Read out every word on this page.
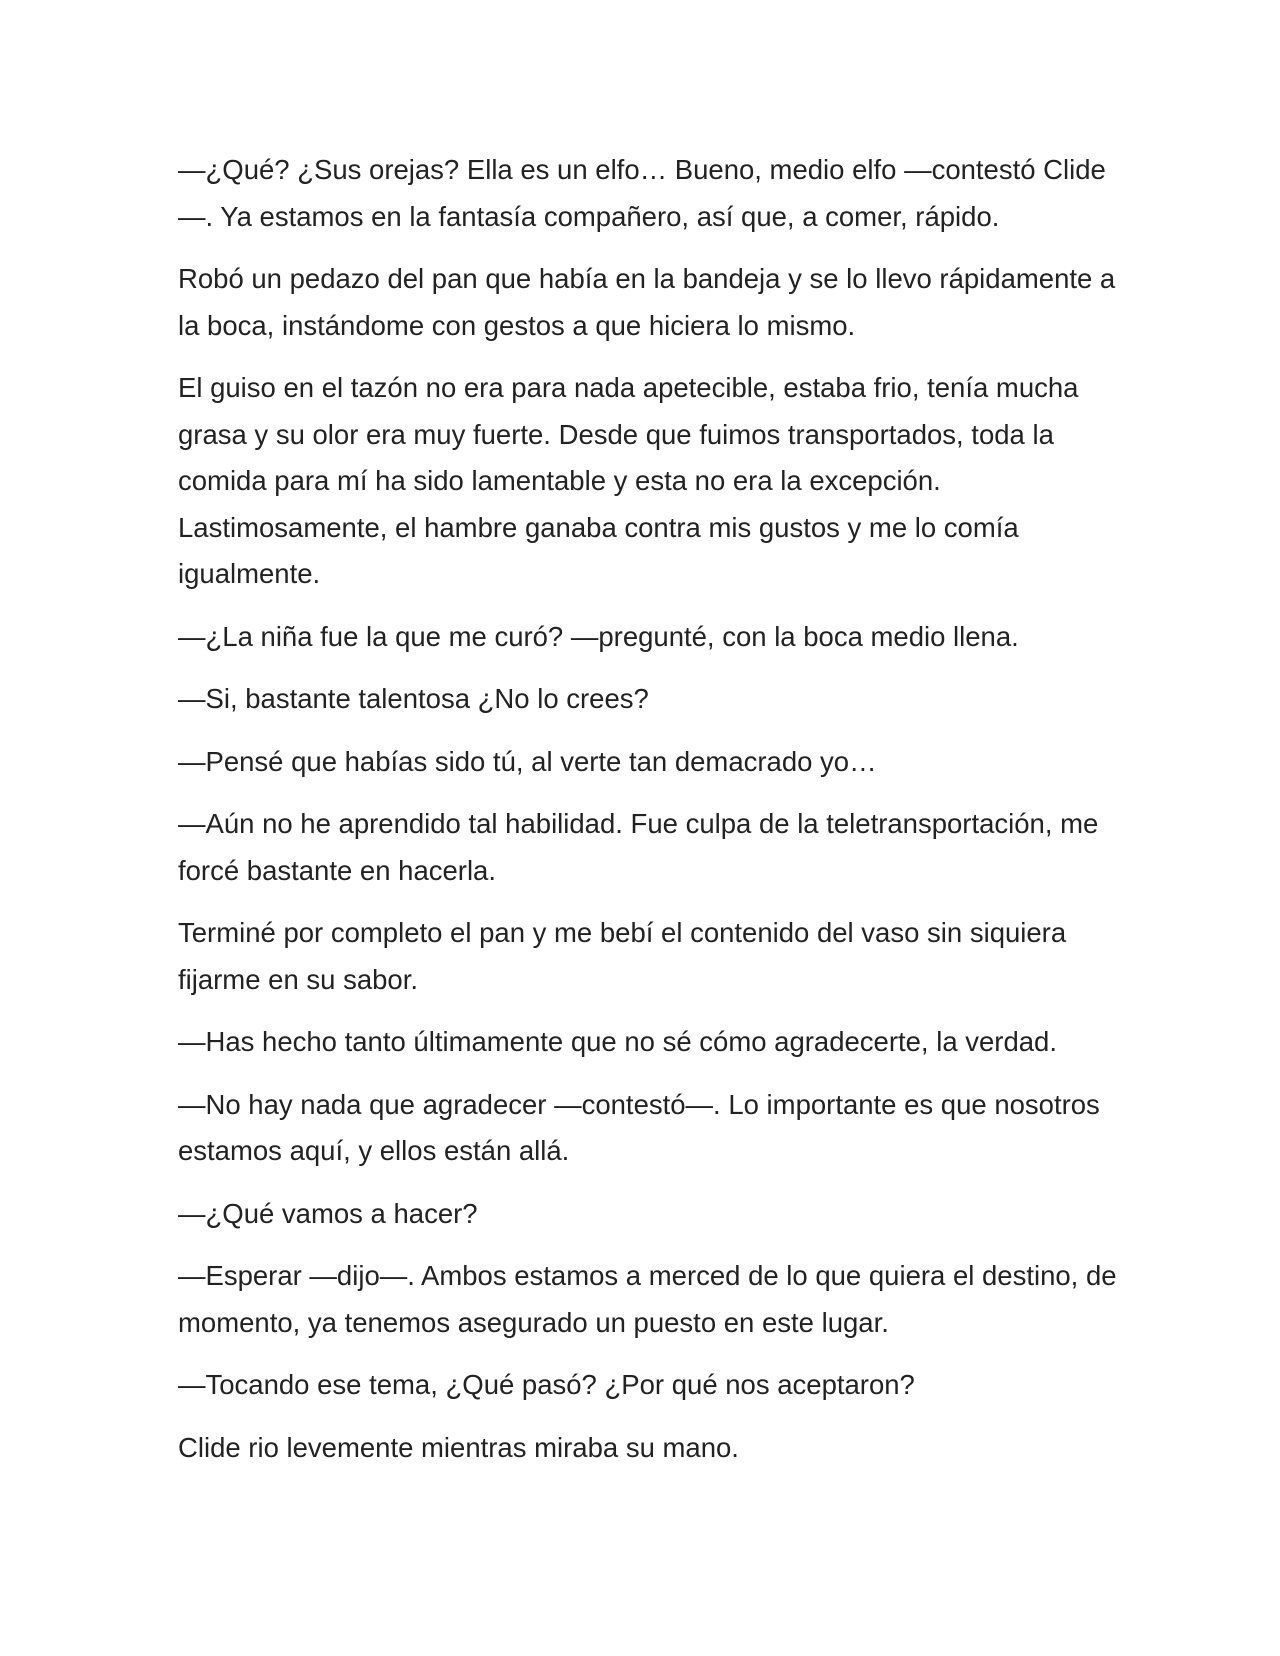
—¿Qué? ¿Sus orejas? Ella es un elfo… Bueno, medio elfo —contestó Clide—. Ya estamos en la fantasía compañero, así que, a comer, rápido.

Robó un pedazo del pan que había en la bandeja y se lo llevo rápidamente a la boca, instándome con gestos a que hiciera lo mismo.

El guiso en el tazón no era para nada apetecible, estaba frio, tenía mucha grasa y su olor era muy fuerte. Desde que fuimos transportados, toda la comida para mí ha sido lamentable y esta no era la excepción. Lastimosamente, el hambre ganaba contra mis gustos y me lo comía igualmente.

—¿La niña fue la que me curó? —pregunté, con la boca medio llena.

—Si, bastante talentosa ¿No lo crees?

—Pensé que habías sido tú, al verte tan demacrado yo…

—Aún no he aprendido tal habilidad. Fue culpa de la teletransportación, me forcé bastante en hacerla.

Terminé por completo el pan y me bebí el contenido del vaso sin siquiera fijarme en su sabor.

—Has hecho tanto últimamente que no sé cómo agradecerte, la verdad.

—No hay nada que agradecer —contestó—. Lo importante es que nosotros estamos aquí, y ellos están allá.

—¿Qué vamos a hacer?

—Esperar —dijo—. Ambos estamos a merced de lo que quiera el destino, de momento, ya tenemos asegurado un puesto en este lugar.

—Tocando ese tema, ¿Qué pasó? ¿Por qué nos aceptaron?

Clide rio levemente mientras miraba su mano.
